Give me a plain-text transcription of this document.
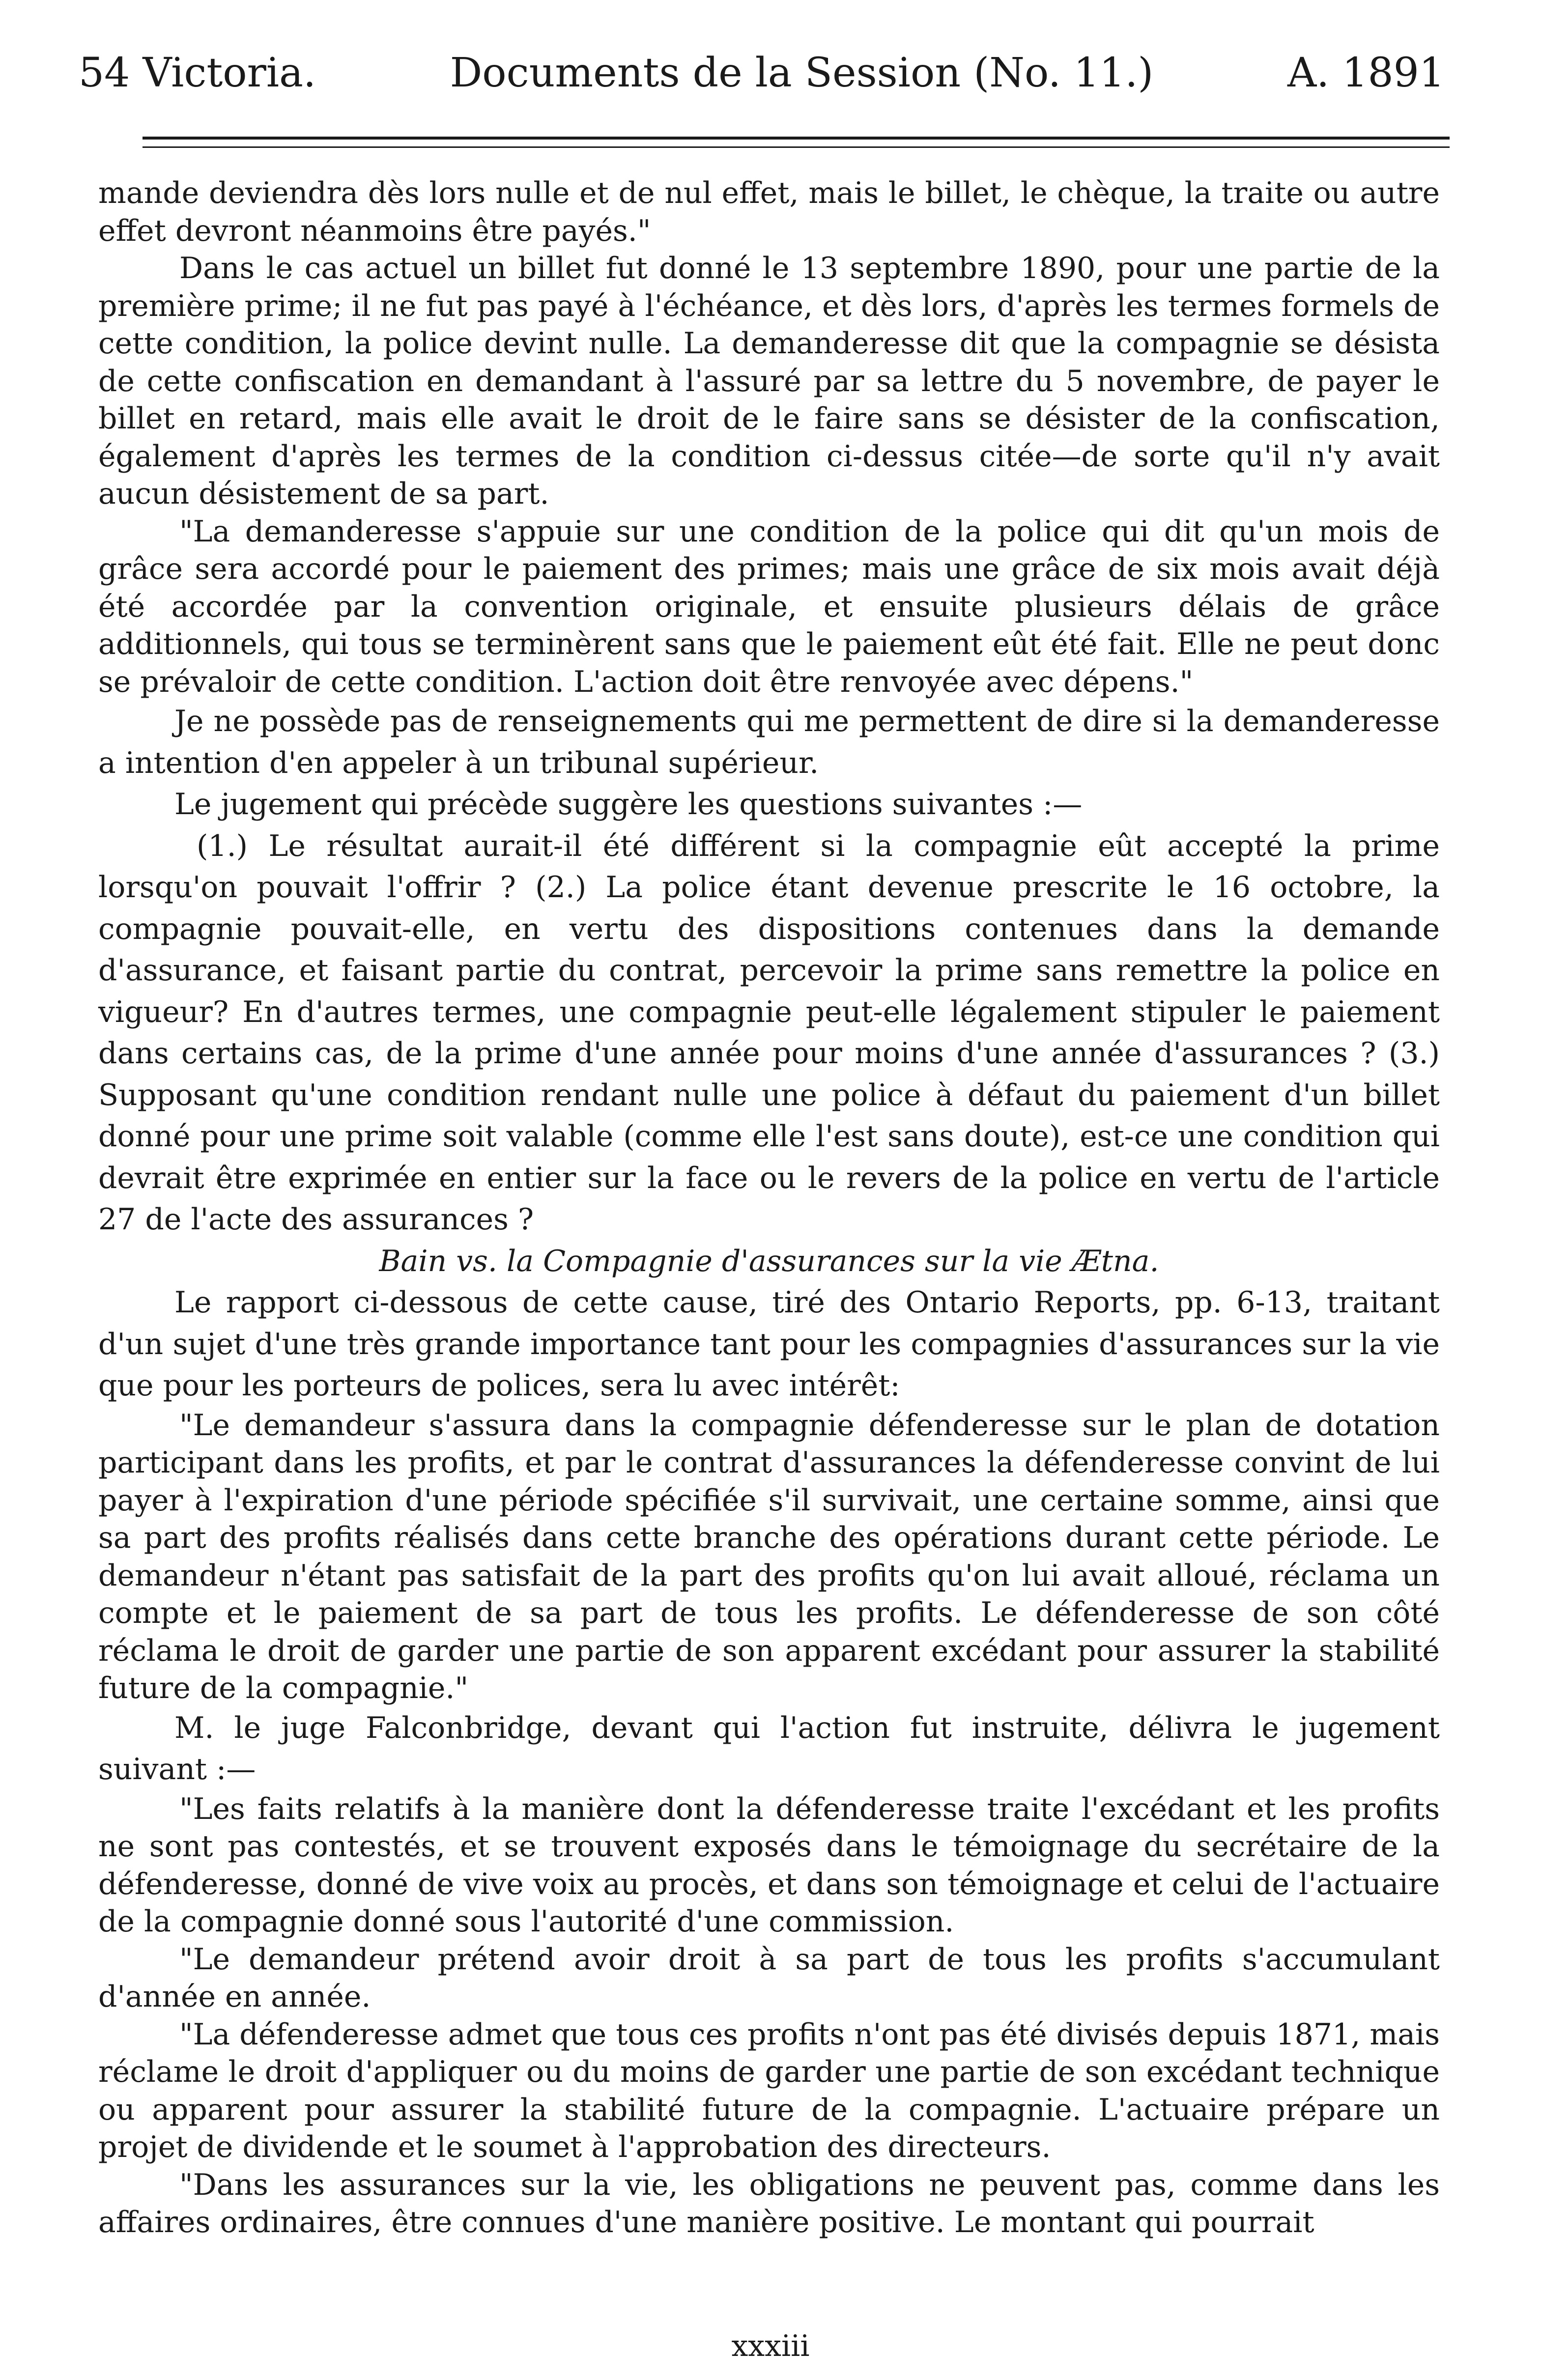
54 Victoria.	Documents de la Session (No. 11.)	A. 1891

mande deviendra dès lors nulle et de nul effet, mais le billet, le chèque, la traite ou autre effet devront néanmoins être payés."

Dans le cas actuel un billet fut donné le 13 septembre 1890, pour une partie de la première prime; il ne fut pas payé à l'échéance, et dès lors, d'après les termes formels de cette condition, la police devint nulle. La demanderesse dit que la compagnie se désista de cette confiscation en demandant à l'assuré par sa lettre du 5 novembre, de payer le billet en retard, mais elle avait le droit de le faire sans se désister de la confiscation, également d'après les termes de la condition ci-dessus citée—de sorte qu'il n'y avait aucun désistement de sa part.

"La demanderesse s'appuie sur une condition de la police qui dit qu'un mois de grâce sera accordé pour le paiement des primes; mais une grâce de six mois avait déjà été accordée par la convention originale, et ensuite plusieurs délais de grâce additionnels, qui tous se terminèrent sans que le paiement eût été fait. Elle ne peut donc se prévaloir de cette condition. L'action doit être renvoyée avec dépens."

Je ne possède pas de renseignements qui me permettent de dire si la demanderesse a intention d'en appeler à un tribunal supérieur.

Le jugement qui précède suggère les questions suivantes :—

(1.) Le résultat aurait-il été différent si la compagnie eût accepté la prime lorsqu'on pouvait l'offrir ? (2.) La police étant devenue prescrite le 16 octobre, la compagnie pouvait-elle, en vertu des dispositions contenues dans la demande d'assurance, et faisant partie du contrat, percevoir la prime sans remettre la police en vigueur? En d'autres termes, une compagnie peut-elle légalement stipuler le paiement dans certains cas, de la prime d'une année pour moins d'une année d'assurances ? (3.) Supposant qu'une condition rendant nulle une police à défaut du paiement d'un billet donné pour une prime soit valable (comme elle l'est sans doute), est-ce une condition qui devrait être exprimée en entier sur la face ou le revers de la police en vertu de l'article 27 de l'acte des assurances ?

Bain vs. la Compagnie d'assurances sur la vie Ætna.

Le rapport ci-dessous de cette cause, tiré des Ontario Reports, pp. 6-13, traitant d'un sujet d'une très grande importance tant pour les compagnies d'assurances sur la vie que pour les porteurs de polices, sera lu avec intérêt:

"Le demandeur s'assura dans la compagnie défenderesse sur le plan de dotation participant dans les profits, et par le contrat d'assurances la défenderesse convint de lui payer à l'expiration d'une période spécifiée s'il survivait, une certaine somme, ainsi que sa part des profits réalisés dans cette branche des opérations durant cette période. Le demandeur n'étant pas satisfait de la part des profits qu'on lui avait alloué, réclama un compte et le paiement de sa part de tous les profits. Le défenderesse de son côté réclama le droit de garder une partie de son apparent excédant pour assurer la stabilité future de la compagnie."

M. le juge Falconbridge, devant qui l'action fut instruite, délivra le jugement suivant :—

"Les faits relatifs à la manière dont la défenderesse traite l'excédant et les profits ne sont pas contestés, et se trouvent exposés dans le témoignage du secrétaire de la défenderesse, donné de vive voix au procès, et dans son témoignage et celui de l'actuaire de la compagnie donné sous l'autorité d'une commission.

"Le demandeur prétend avoir droit à sa part de tous les profits s'accumulant d'année en année.

"La défenderesse admet que tous ces profits n'ont pas été divisés depuis 1871, mais réclame le droit d'appliquer ou du moins de garder une partie de son excédant technique ou apparent pour assurer la stabilité future de la compagnie. L'actuaire prépare un projet de dividende et le soumet à l'approbation des directeurs.

"Dans les assurances sur la vie, les obligations ne peuvent pas, comme dans les affaires ordinaires, être connues d'une manière positive. Le montant qui pourrait

xxxiii
